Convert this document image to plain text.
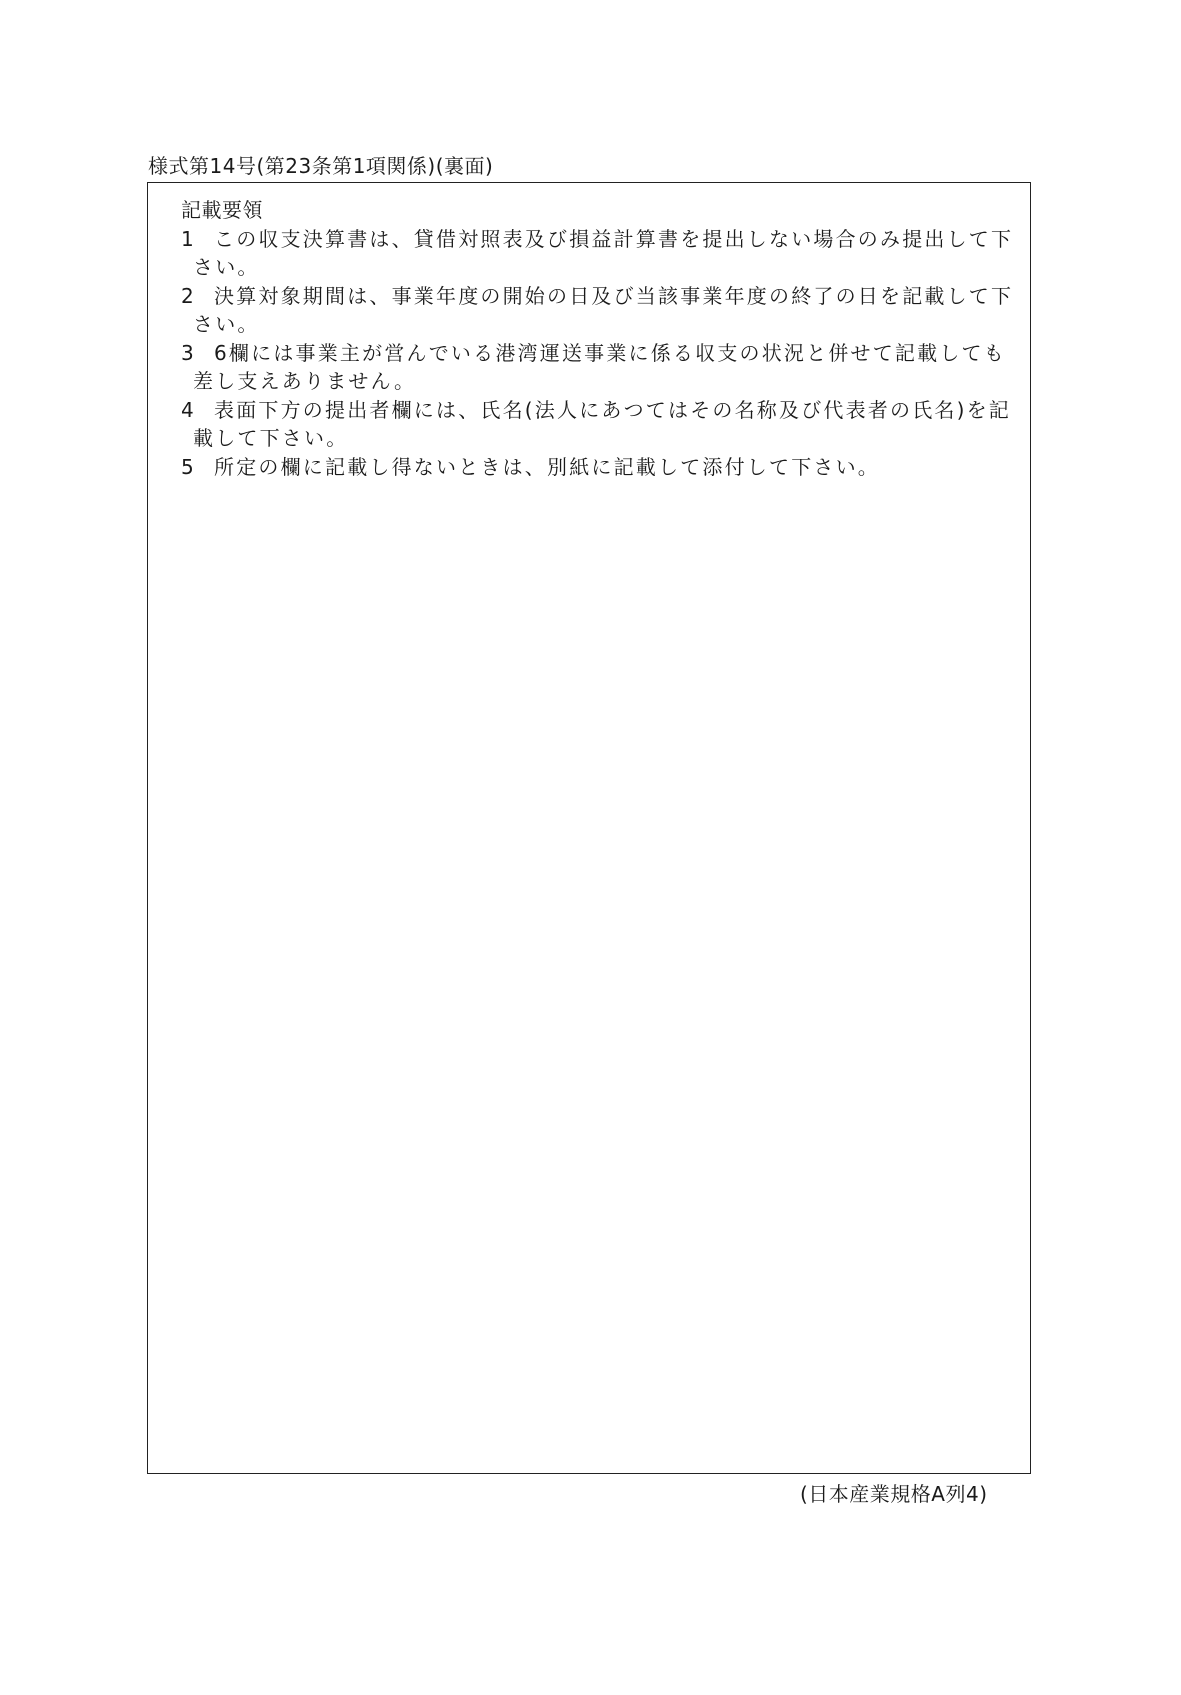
様式第14号(第23条第1項関係)(裏面)

記載要領

1 この収支決算書は、貸借対照表及び損益計算書を提出しない場合のみ提出して下さい。

2 決算対象期間は、事業年度の開始の日及び当該事業年度の終了の日を記載して下さい。

3 6欄には事業主が営んでいる港湾運送事業に係る収支の状況と併せて記載しても差し支えありません。

4 表面下方の提出者欄には、氏名(法人にあつてはその名称及び代表者の氏名)を記載して下さい。

5 所定の欄に記載し得ないときは、別紙に記載して添付して下さい。

(日本産業規格A列4)
